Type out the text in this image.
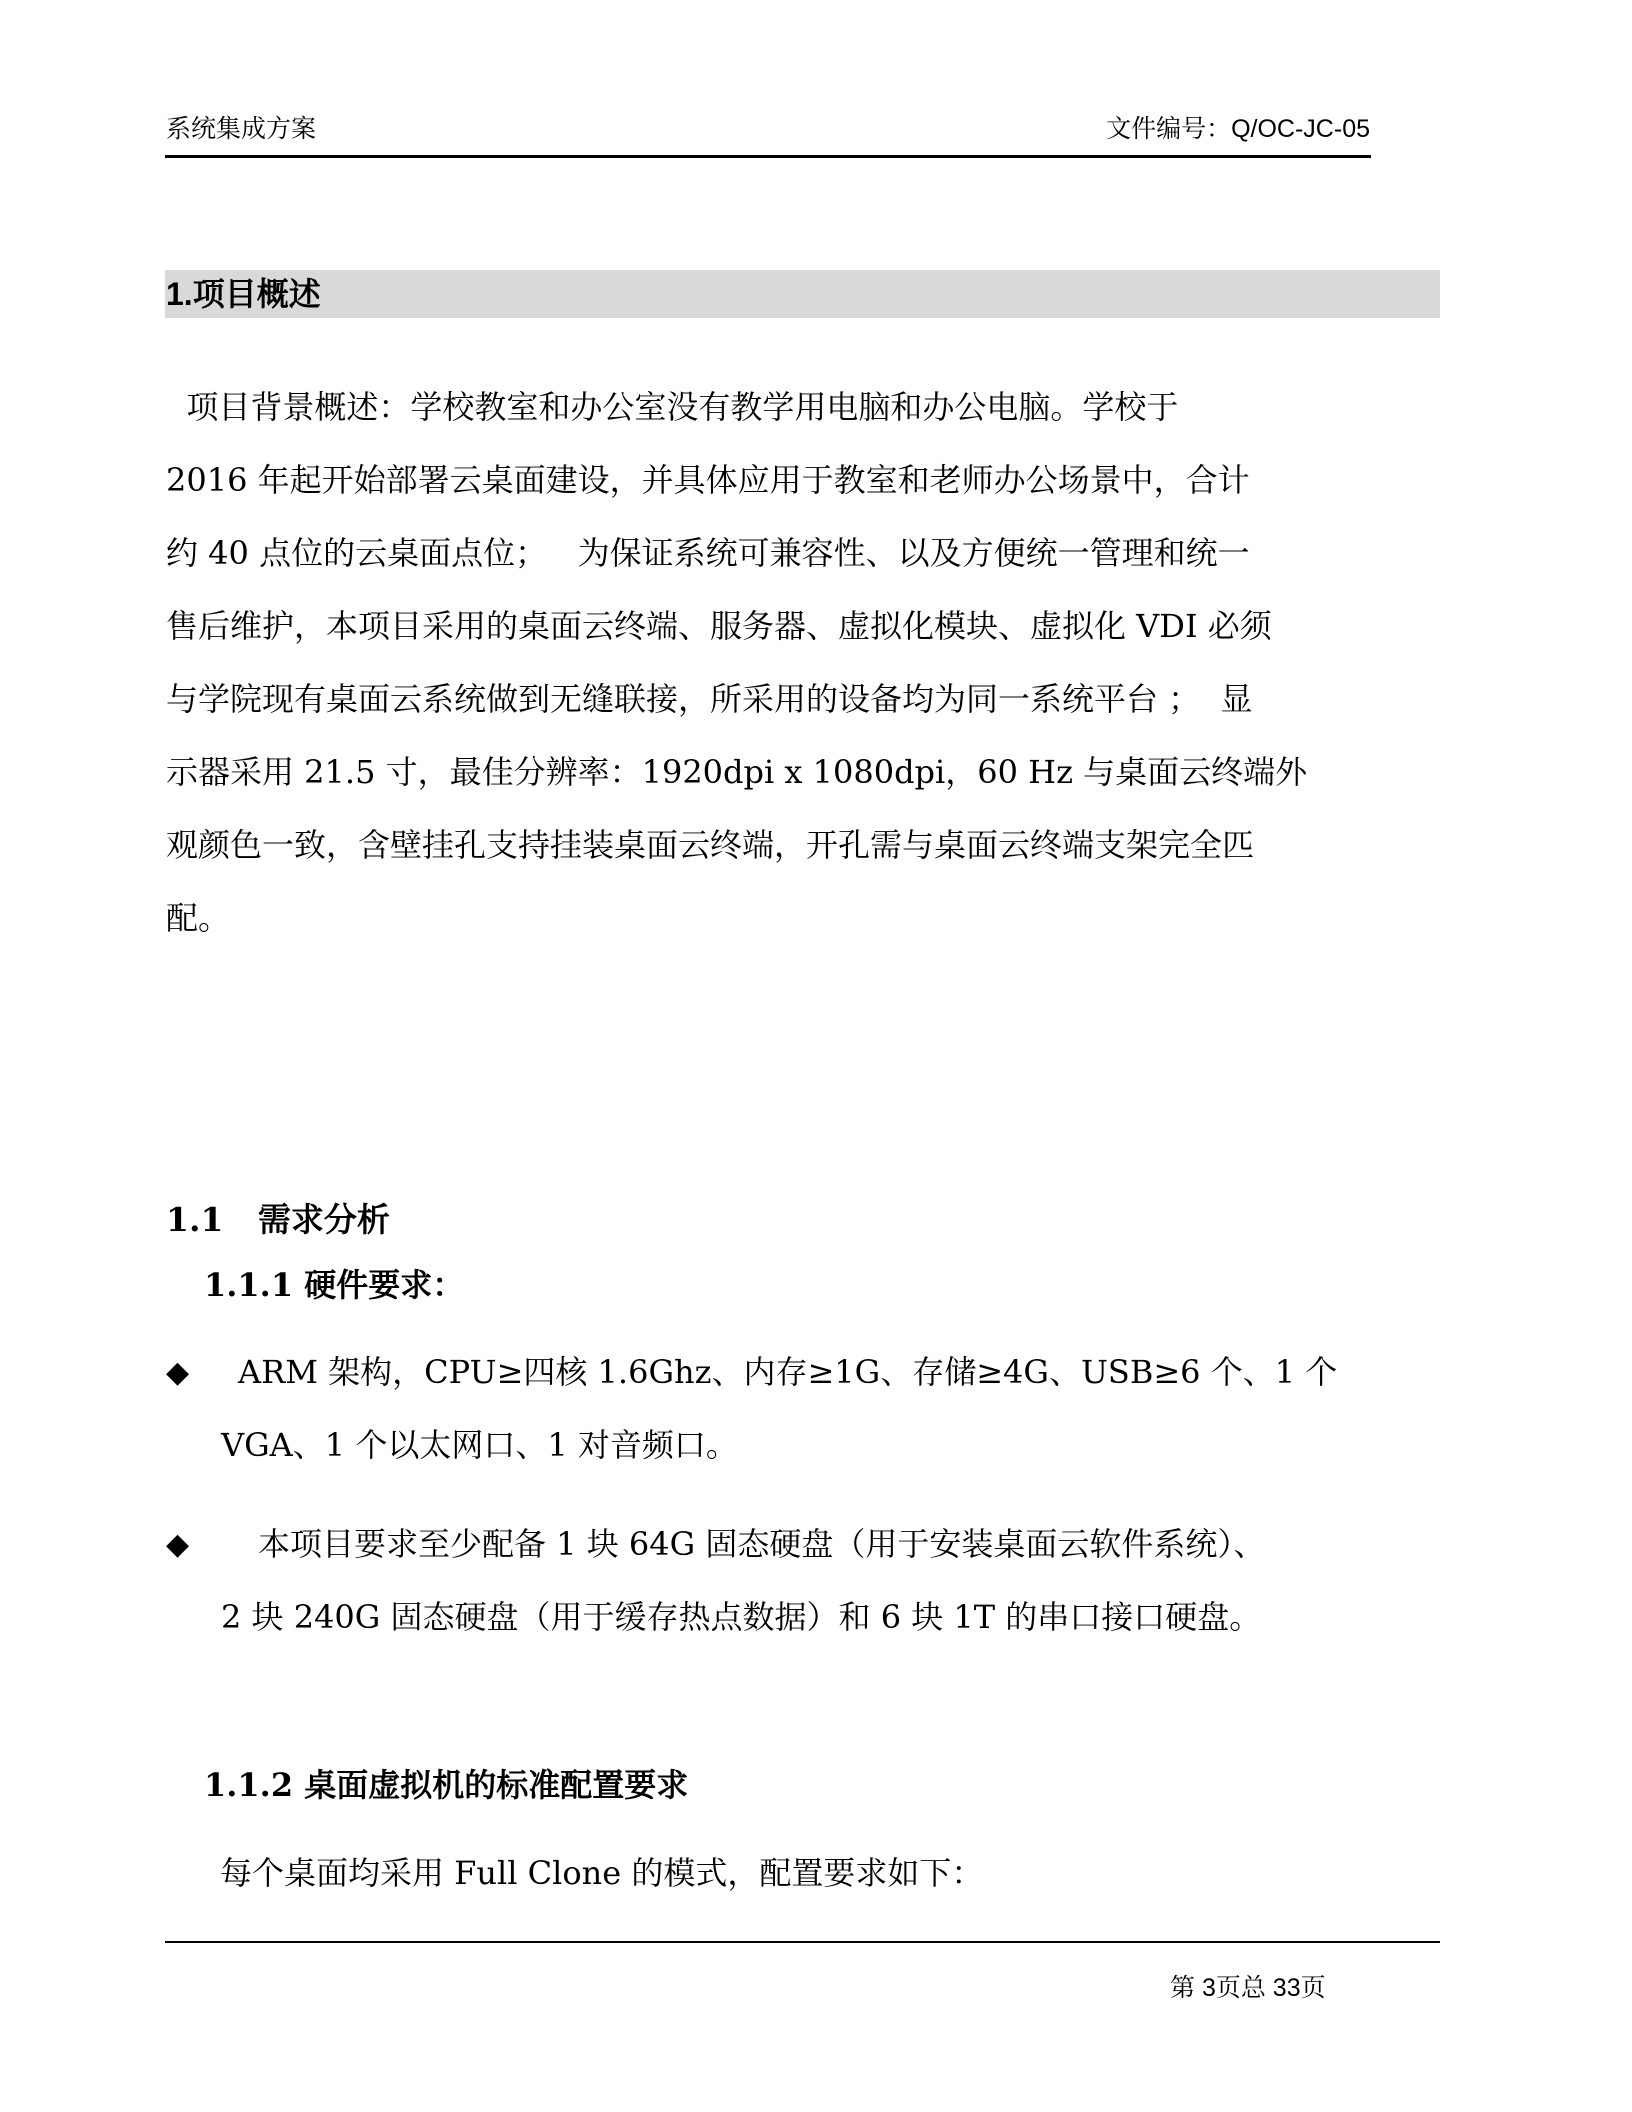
系统集成方案	文件编号：Q/OC-JC-05
1.项目概述
项目背景概述：学校教室和办公室没有教学用电脑和办公电脑。学校于
2016 年起开始部署云桌面建设，并具体应用于教室和老师办公场景中，合计
约 40 点位的云桌面点位；   为保证系统可兼容性、以及方便统一管理和统一
售后维护，本项目采用的桌面云终端、服务器、虚拟化模块、虚拟化 VDI 必须
与学院现有桌面云系统做到无缝联接，所采用的设备均为同一系统平台 ；  显
示器采用 21.5 寸，最佳分辨率：1920dpi x 1080dpi，60 Hz 与桌面云终端外
观颜色一致，含壁挂孔支持挂装桌面云终端，开孔需与桌面云终端支架完全匹
配。
1.1   需求分析
1.1.1 硬件要求：
◆ ARM 架构，CPU≥四核 1.6Ghz、内存≥1G、存储≥4G、USB≥6 个、1 个
VGA、1 个以太网口、1 对音频口。
◆ 本项目要求至少配备 1 块 64G 固态硬盘（用于安装桌面云软件系统）、
2 块 240G 固态硬盘（用于缓存热点数据）和 6 块 1T 的串口接口硬盘。
1.1.2 桌面虚拟机的标准配置要求
每个桌面均采用 Full Clone 的模式，配置要求如下：
第 3页总 33页
